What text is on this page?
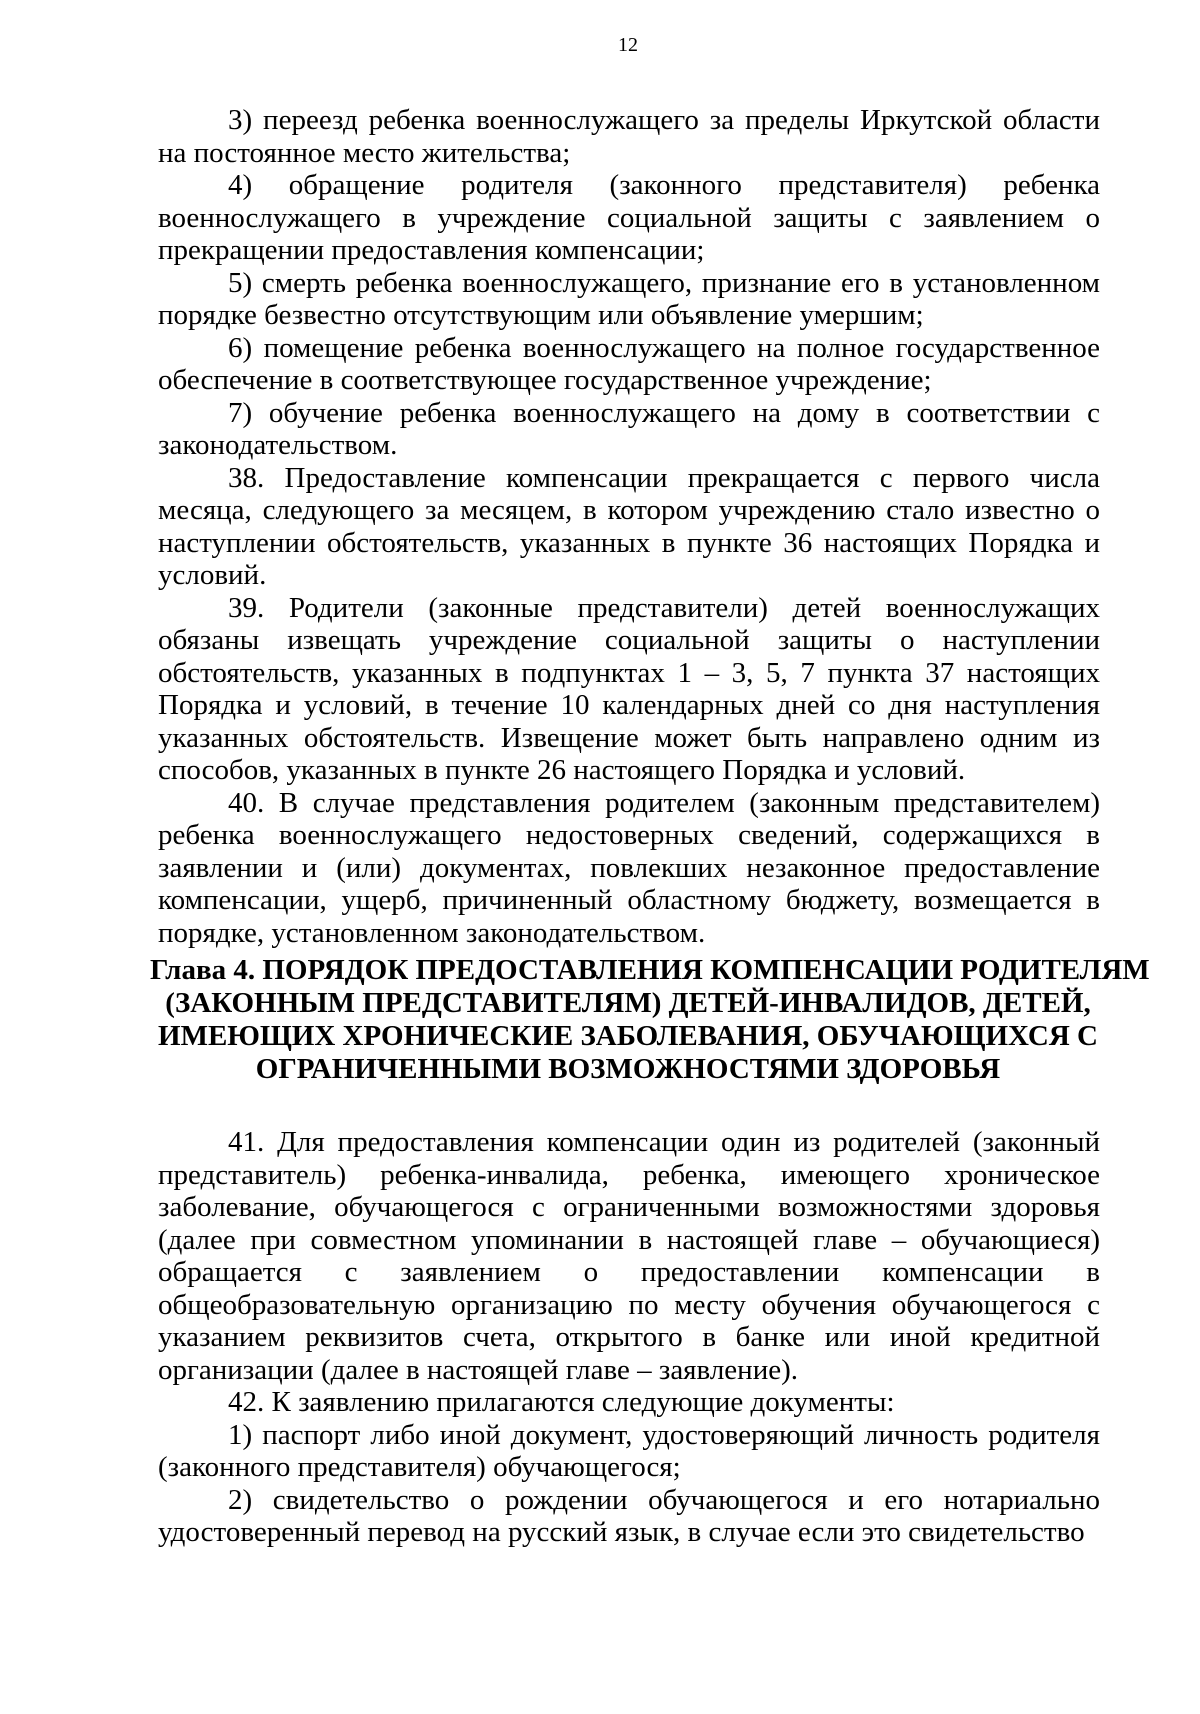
12

3) переезд ребенка военнослужащего за пределы Иркутской области на постоянное место жительства;

4) обращение родителя (законного представителя) ребенка военнослужащего в учреждение социальной защиты с заявлением о прекращении предоставления компенсации;

5) смерть ребенка военнослужащего, признание его в установленном порядке безвестно отсутствующим или объявление умершим;

6) помещение ребенка военнослужащего на полное государственное обеспечение в соответствующее государственное учреждение;

7) обучение ребенка военнослужащего на дому в соответствии с законодательством.

38. Предоставление компенсации прекращается с первого числа месяца, следующего за месяцем, в котором учреждению стало известно о наступлении обстоятельств, указанных в пункте 36 настоящих Порядка и условий.

39. Родители (законные представители) детей военнослужащих обязаны извещать учреждение социальной защиты о наступлении обстоятельств, указанных в подпунктах 1 – 3, 5, 7 пункта 37 настоящих Порядка и условий, в течение 10 календарных дней со дня наступления указанных обстоятельств. Извещение может быть направлено одним из способов, указанных в пункте 26 настоящего Порядка и условий.

40. В случае представления родителем (законным представителем) ребенка военнослужащего недостоверных сведений, содержащихся в заявлении и (или) документах, повлекших незаконное предоставление компенсации, ущерб, причиненный областному бюджету, возмещается в порядке, установленном законодательством.

Глава 4. ПОРЯДОК ПРЕДОСТАВЛЕНИЯ КОМПЕНСАЦИИ РОДИТЕЛЯМ
(ЗАКОННЫМ ПРЕДСТАВИТЕЛЯМ) ДЕТЕЙ-ИНВАЛИДОВ, ДЕТЕЙ,
ИМЕЮЩИХ ХРОНИЧЕСКИЕ ЗАБОЛЕВАНИЯ, ОБУЧАЮЩИХСЯ С
ОГРАНИЧЕННЫМИ ВОЗМОЖНОСТЯМИ ЗДОРОВЬЯ

41. Для предоставления компенсации один из родителей (законный представитель) ребенка-инвалида, ребенка, имеющего хроническое заболевание, обучающегося с ограниченными возможностями здоровья (далее при совместном упоминании в настоящей главе – обучающиеся) обращается с заявлением о предоставлении компенсации в общеобразовательную организацию по месту обучения обучающегося с указанием реквизитов счета, открытого в банке или иной кредитной организации (далее в настоящей главе – заявление).

42. К заявлению прилагаются следующие документы:

1) паспорт либо иной документ, удостоверяющий личность родителя (законного представителя) обучающегося;

2) свидетельство о рождении обучающегося и его нотариально удостоверенный перевод на русский язык, в случае если это свидетельство
